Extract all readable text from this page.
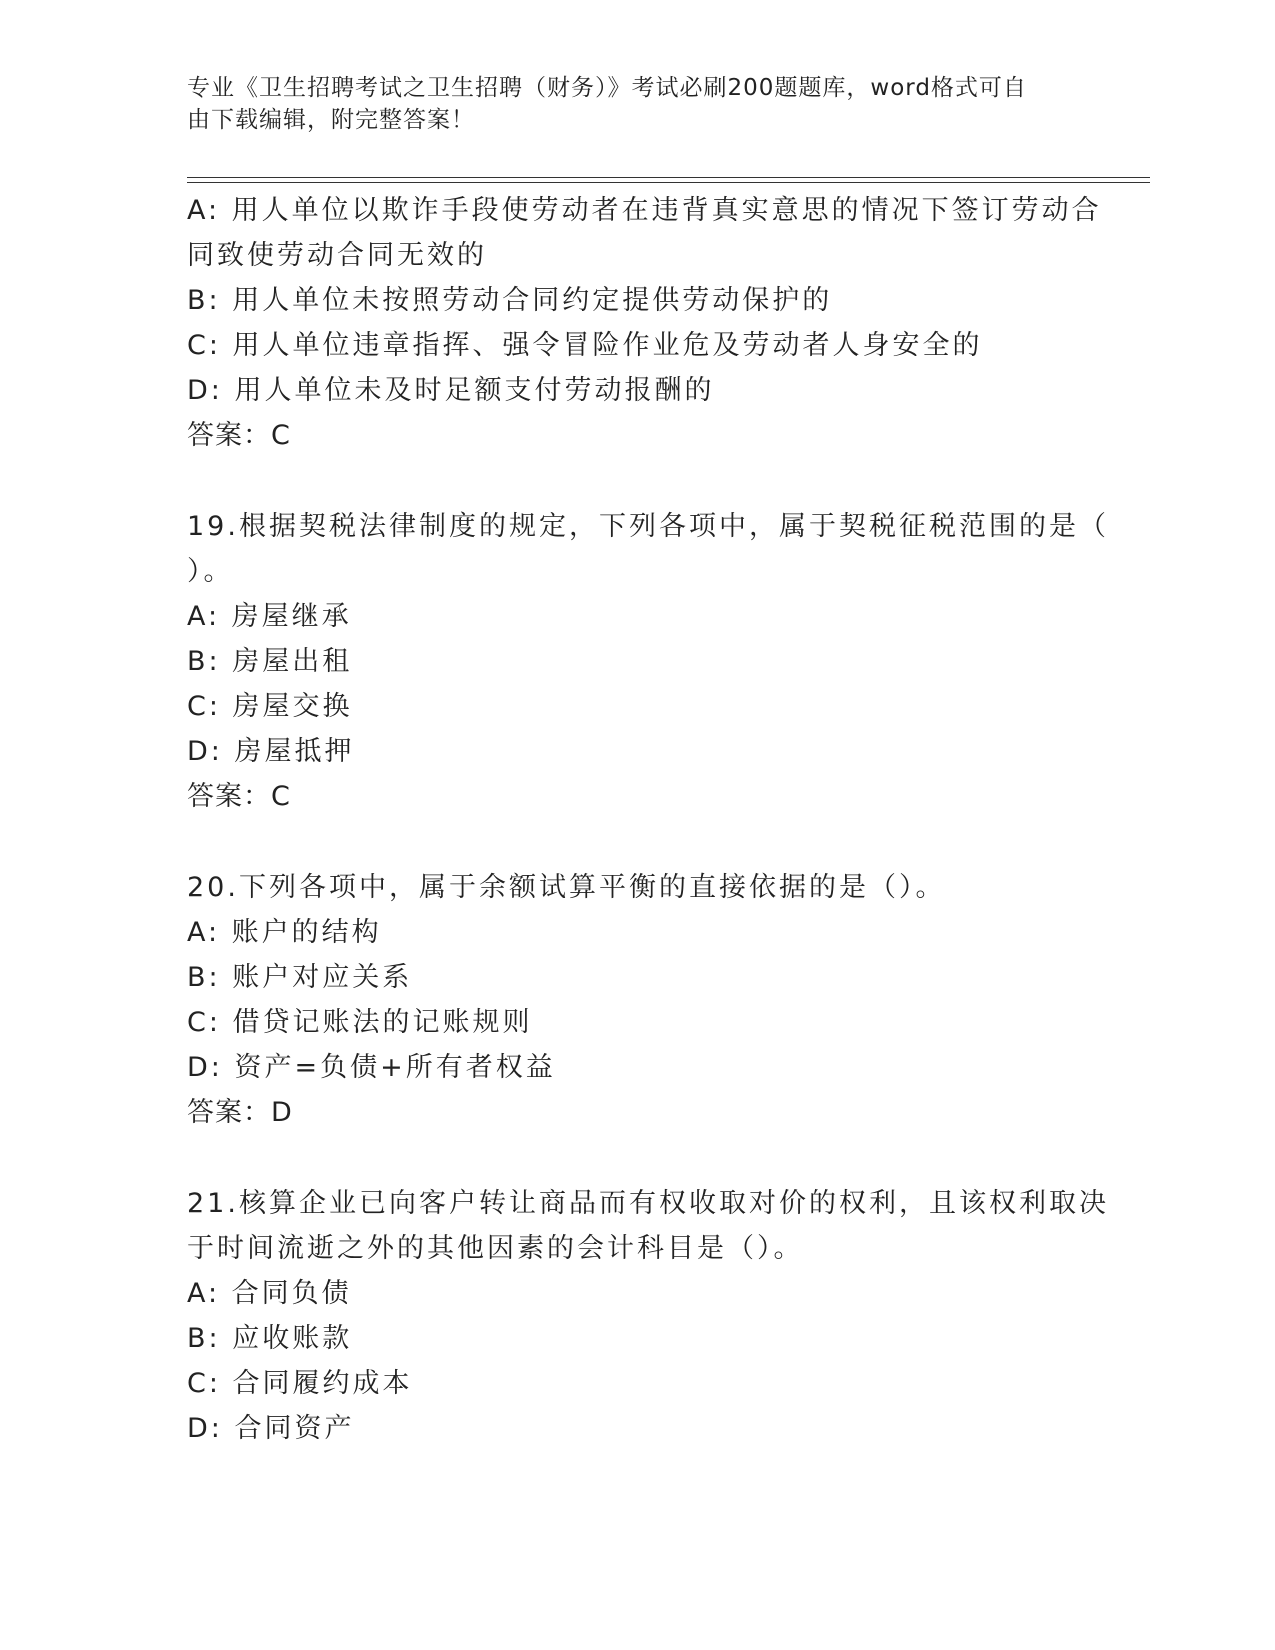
专业《卫生招聘考试之卫生招聘（财务）》考试必刷200题题库，word格式可自
由下载编辑，附完整答案！
A: 用人单位以欺诈手段使劳动者在违背真实意思的情况下签订劳动合
同致使劳动合同无效的
B: 用人单位未按照劳动合同约定提供劳动保护的
C: 用人单位违章指挥、强令冒险作业危及劳动者人身安全的
D: 用人单位未及时足额支付劳动报酬的
答案：C
19.根据契税法律制度的规定，下列各项中，属于契税征税范围的是（
）。
A: 房屋继承
B: 房屋出租
C: 房屋交换
D: 房屋抵押
答案：C
20.下列各项中，属于余额试算平衡的直接依据的是（）。
A: 账户的结构
B: 账户对应关系
C: 借贷记账法的记账规则
D: 资产=负债+所有者权益
答案：D
21.核算企业已向客户转让商品而有权收取对价的权利，且该权利取决
于时间流逝之外的其他因素的会计科目是（）。
A: 合同负债
B: 应收账款
C: 合同履约成本
D: 合同资产
